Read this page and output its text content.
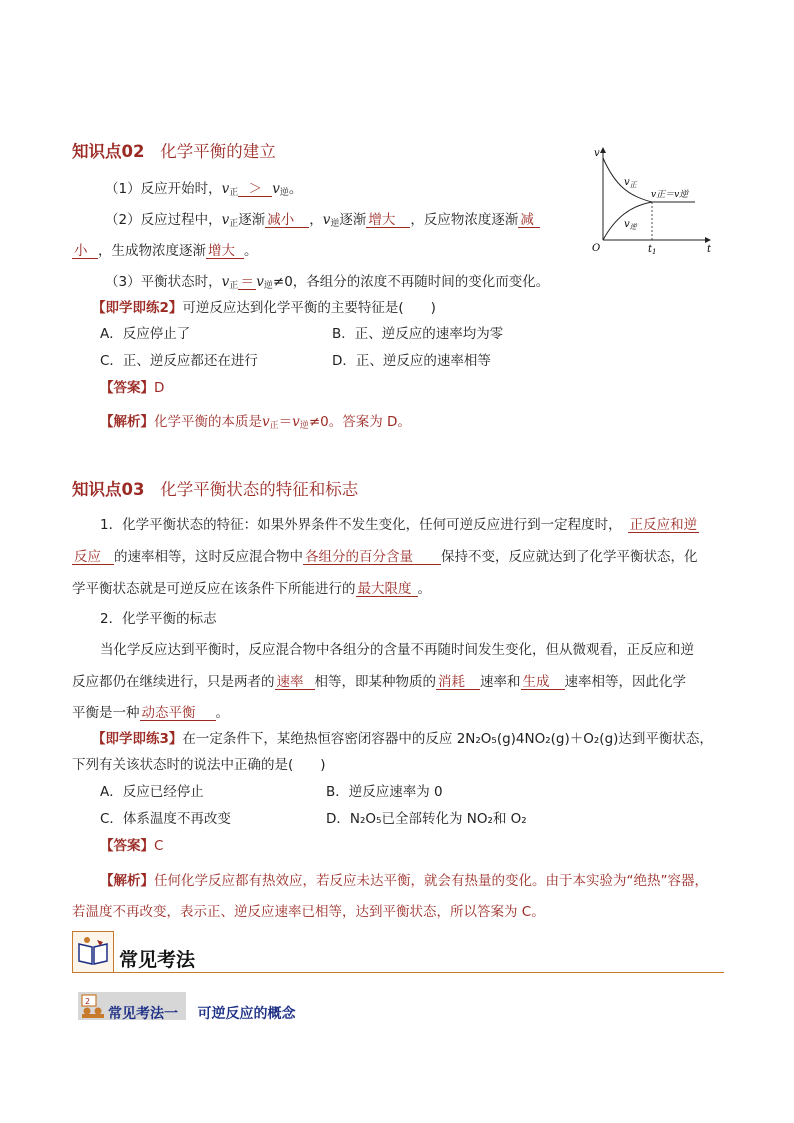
知识点02 化学平衡的建立
（1）反应开始时，$v_正 > v_逆$。
（2）反应过程中，$v_正$逐渐 减小 ，$v_逆$逐渐 增大 ，反应物浓度逐渐 减
小 ，生成物浓度逐渐 增大 。
（3）平衡状态时，$v_正 = v_逆\ne 0$，各组分的浓度不再随时间的变化而变化。
【即学即练2】可逆反应达到化学平衡的主要特征是(　　)
A．反应停止了	B．正、逆反应的速率均为零
C．正、逆反应都还在进行	D．正、逆反应的速率相等
【答案】D
【解析】化学平衡的本质是$v_正=v_逆\ne 0$。答案为 D。
v
t
O
$v_正$
$v_逆$
v正＝v逆
$t_1$
知识点03 化学平衡状态的特征和标志
1．化学平衡状态的特征：如果外界条件不发生变化，任何可逆反应进行到一定程度时， 正反应和逆
反应 的速率相等，这时反应混合物中 各组分的百分含量 保持不变，反应就达到了化学平衡状态，化
学平衡状态就是可逆反应在该条件下所能进行的 最大限度 。
2．化学平衡的标志
当化学反应达到平衡时，反应混合物中各组分的含量不再随时间发生变化，但从微观看，正反应和逆
反应都仍在继续进行，只是两者的 速率 相等，即某种物质的 消耗 速率和 生成 速率相等，因此化学
平衡是一种 动态平衡 。
【即学即练3】在一定条件下，某绝热恒容密闭容器中的反应 2N₂O₅(g)4NO₂(g)＋O₂(g)达到平衡状态，
下列有关该状态时的说法中正确的是(　　)
A．反应已经停止	B．逆反应速率为 0
C．体系温度不再改变	D．N₂O₅已全部转化为 NO₂和 O₂
【答案】C
【解析】任何化学反应都有热效应，若反应未达平衡，就会有热量的变化。由于本实验为“绝热”容器，
若温度不再改变，表示正、逆反应速率已相等，达到平衡状态，所以答案为 C。
常见考法
2
常见考法一 可逆反应的概念
